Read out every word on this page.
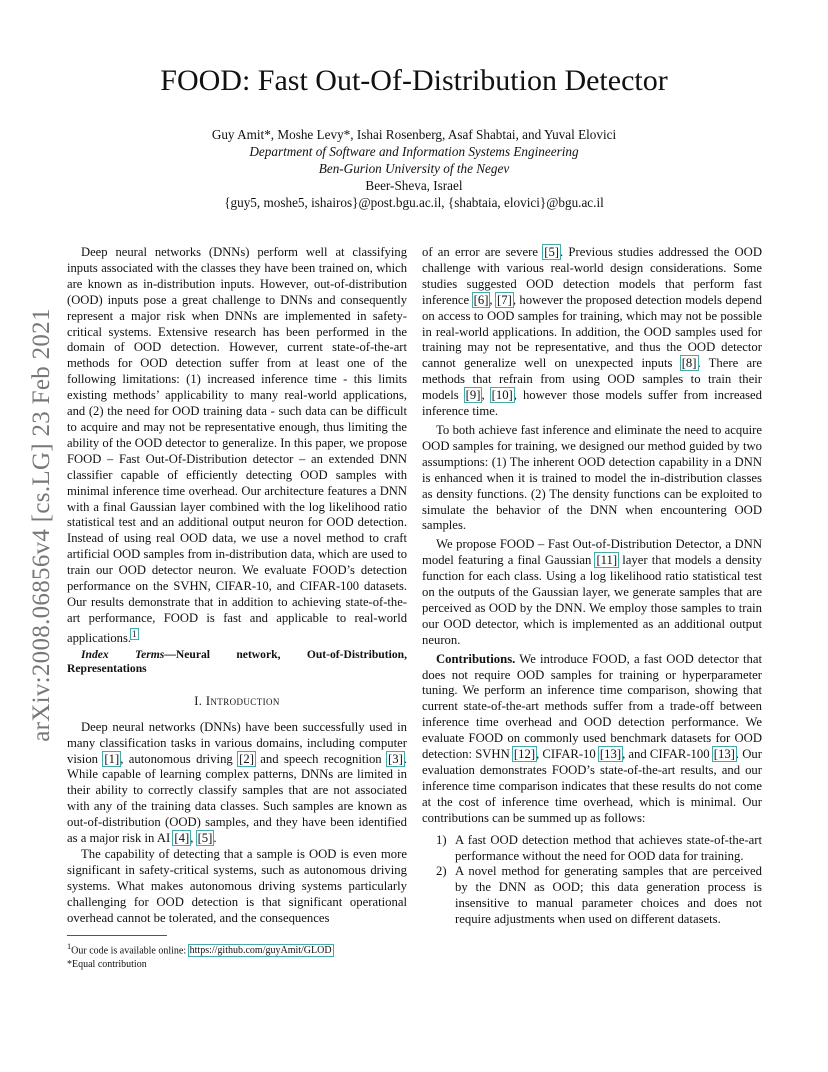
arXiv:2008.06856v4 [cs.LG] 23 Feb 2021
FOOD: Fast Out-Of-Distribution Detector
Guy Amit*, Moshe Levy*, Ishai Rosenberg, Asaf Shabtai, and Yuval Elovici
Department of Software and Information Systems Engineering
Ben-Gurion University of the Negev
Beer-Sheva, Israel
{guy5, moshe5, ishairos}@post.bgu.ac.il, {shabtaia, elovici}@bgu.ac.il

Deep neural networks (DNNs) perform well at classifying inputs associated with the classes they have been trained on, which are known as in-distribution inputs. However, out-of-distribution (OOD) inputs pose a great challenge to DNNs and consequently represent a major risk when DNNs are implemented in safety-critical systems. Extensive research has been performed in the domain of OOD detection. However, current state-of-the-art methods for OOD detection suffer from at least one of the following limitations: (1) increased inference time - this limits existing methods’ applicability to many real-world applications, and (2) the need for OOD training data - such data can be difficult to acquire and may not be representative enough, thus limiting the ability of the OOD detector to generalize. In this paper, we propose FOOD – Fast Out-Of-Distribution detector – an extended DNN classifier capable of efficiently detecting OOD samples with minimal inference time overhead. Our architecture features a DNN with a final Gaussian layer combined with the log likelihood ratio statistical test and an additional output neuron for OOD detection. Instead of using real OOD data, we use a novel method to craft artificial OOD samples from in-distribution data, which are used to train our OOD detector neuron. We evaluate FOOD’s detection performance on the SVHN, CIFAR-10, and CIFAR-100 datasets. Our results demonstrate that in addition to achieving state-of-the-art performance, FOOD is fast and applicable to real-world applications.$^1$

Index Terms—Neural network, Out-of-Distribution, Representations
I. Introduction

Deep neural networks (DNNs) have been successfully used in many classification tasks in various domains, including computer vision [1], autonomous driving [2] and speech recognition [3]. While capable of learning complex patterns, DNNs are limited in their ability to correctly classify samples that are not associated with any of the training data classes. Such samples are known as out-of-distribution (OOD) samples, and they have been identified as a major risk in AI [4], [5].

The capability of detecting that a sample is OOD is even more significant in safety-critical systems, such as autonomous driving systems. What makes autonomous driving systems particularly challenging for OOD detection is that significant operational overhead cannot be tolerated, and the consequences

of an error are severe [5]. Previous studies addressed the OOD challenge with various real-world design considerations. Some studies suggested OOD detection models that perform fast inference [6], [7], however the proposed detection models depend on access to OOD samples for training, which may not be possible in real-world applications. In addition, the OOD samples used for training may not be representative, and thus the OOD detector cannot generalize well on unexpected inputs [8]. There are methods that refrain from using OOD samples to train their models [9], [10], however those models suffer from increased inference time.

To both achieve fast inference and eliminate the need to acquire OOD samples for training, we designed our method guided by two assumptions: (1) The inherent OOD detection capability in a DNN is enhanced when it is trained to model the in-distribution classes as density functions. (2) The density functions can be exploited to simulate the behavior of the DNN when encountering OOD samples.

We propose FOOD – Fast Out-of-Distribution Detector, a DNN model featuring a final Gaussian [11] layer that models a density function for each class. Using a log likelihood ratio statistical test on the outputs of the Gaussian layer, we generate samples that are perceived as OOD by the DNN. We employ those samples to train our OOD detector, which is implemented as an additional output neuron.

Contributions. We introduce FOOD, a fast OOD detector that does not require OOD samples for training or hyperparameter tuning. We perform an inference time comparison, showing that current state-of-the-art methods suffer from a trade-off between inference time overhead and OOD detection performance. We evaluate FOOD on commonly used benchmark datasets for OOD detection: SVHN [12], CIFAR-10 [13], and CIFAR-100 [13]. Our evaluation demonstrates FOOD’s state-of-the-art results, and our inference time comparison indicates that these results do not come at the cost of inference time overhead, which is minimal. Our contributions can be summed up as follows:

1) A fast OOD detection method that achieves state-of-the-art performance without the need for OOD data for training.
2) A novel method for generating samples that are perceived by the DNN as OOD; this data generation process is insensitive to manual parameter choices and does not require adjustments when used on different datasets.
$^1$Our code is available online: https://github.com/guyAmit/GLOD
*Equal contribution
